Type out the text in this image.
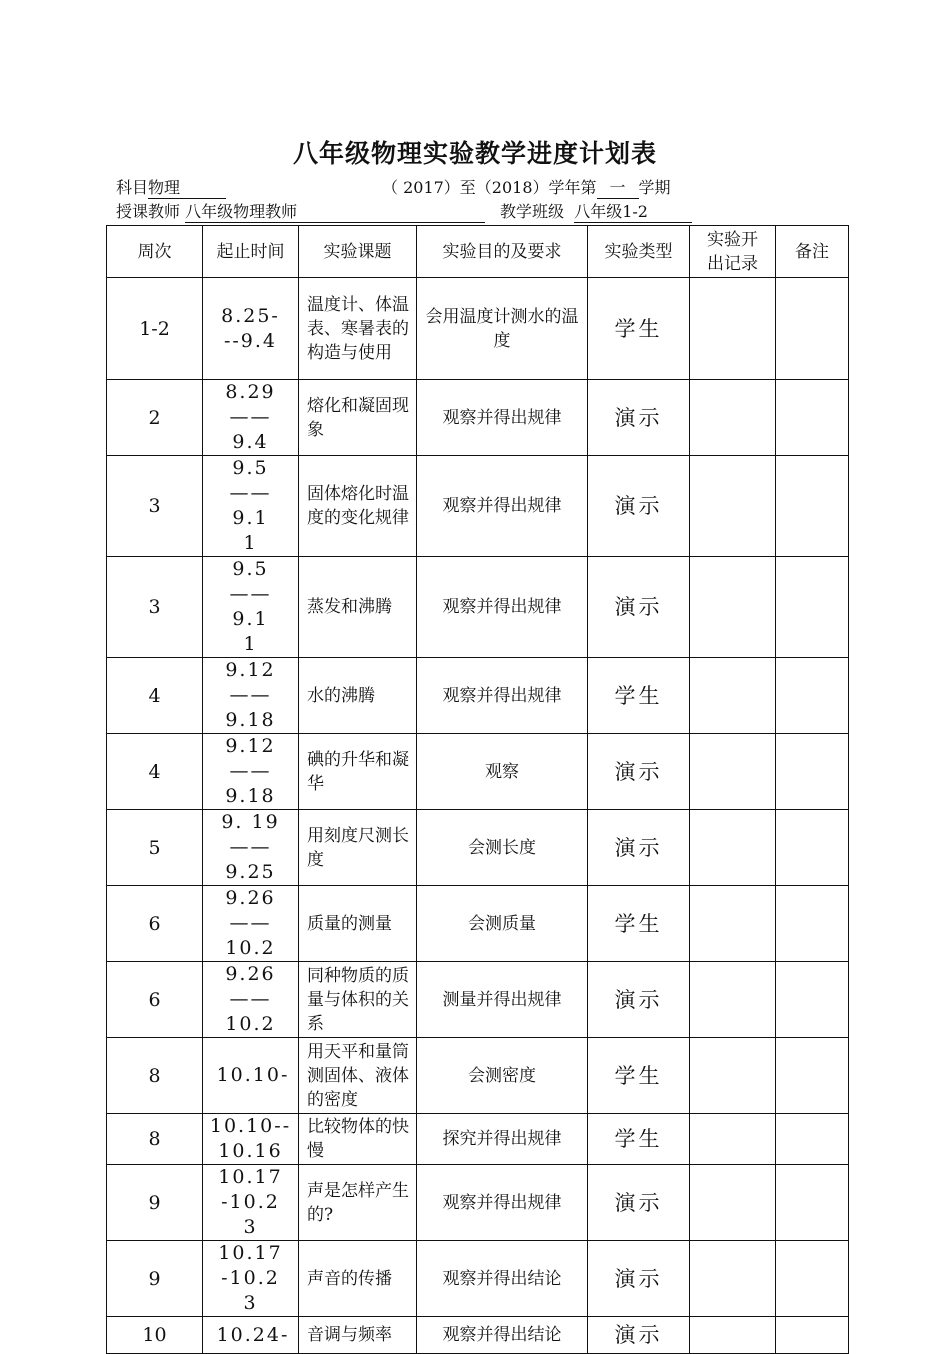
八年级物理实验教学进度计划表
科目物理	（ 2017）至（2018）学年第 一 学期
授课教师 八年级物理教师	教学班级 八年级1-2
周次	起止时间	实验课题	实验目的及要求	实验类型	实验开出记录	备注
1-2	8.25---9.4	温度计、体温表、寒暑表的构造与使用	会用温度计测水的温度	学生		
2	8.29——9.4	熔化和凝固现象	观察并得出规律	演示		
3	9.5——9.11	固体熔化时温度的变化规律	观察并得出规律	演示		
3	9.5——9.11	蒸发和沸腾	观察并得出规律	演示		
4	9.12——9.18	水的沸腾	观察并得出规律	学生		
4	9.12——9.18	碘的升华和凝华	观察	演示		
5	9. 19——9.25	用刻度尺测长度	会测长度	演示		
6	9.26——10.2	质量的测量	会测质量	学生		
6	9.26——10.2	同种物质的质量与体积的关系	测量并得出规律	演示		
8	10.10-	用天平和量筒测固体、液体的密度	会测密度	学生		
8	10.10--10.16	比较物体的快慢	探究并得出规律	学生		
9	10.17-10.23	声是怎样产生的?	观察并得出规律	演示		
9	10.17-10.23	声音的传播	观察并得出结论	演示		
10	10.24-	音调与频率	观察并得出结论	演示		
